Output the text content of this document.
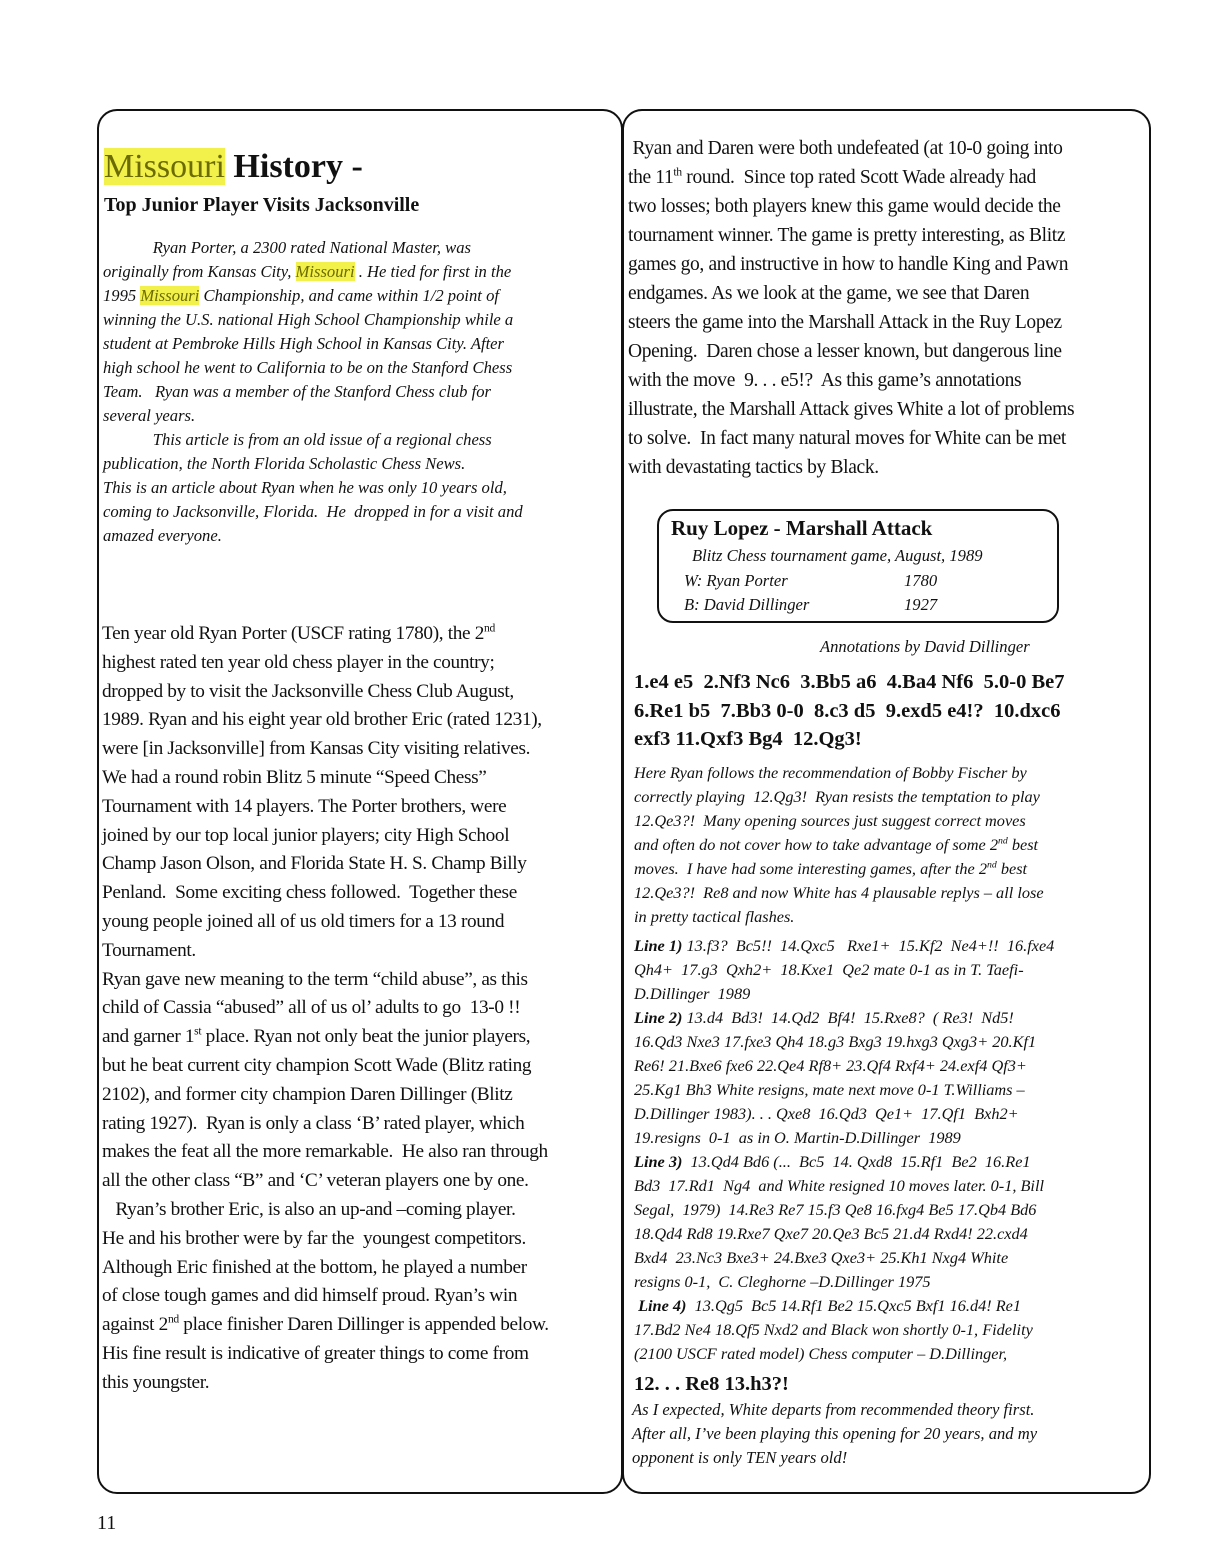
Missouri History -
Top Junior Player Visits Jacksonville
Ryan Porter, a 2300 rated National Master, was
originally from Kansas City, Missouri . He tied for first in the
1995 Missouri Championship, and came within 1/2 point of
winning the U.S. national High School Championship while a
student at Pembroke Hills High School in Kansas City. After
high school he went to California to be on the Stanford Chess
Team.   Ryan was a member of the Stanford Chess club for
several years.
This article is from an old issue of a regional chess
publication, the North Florida Scholastic Chess News.
This is an article about Ryan when he was only 10 years old,
coming to Jacksonville, Florida.  He  dropped in for a visit and
amazed everyone.
Ten year old Ryan Porter (USCF rating 1780), the 2nd
highest rated ten year old chess player in the country;
dropped by to visit the Jacksonville Chess Club August,
1989. Ryan and his eight year old brother Eric (rated 1231),
were [in Jacksonville] from Kansas City visiting relatives.
We had a round robin Blitz 5 minute “Speed Chess”
Tournament with 14 players. The Porter brothers, were
joined by our top local junior players; city High School
Champ Jason Olson, and Florida State H. S. Champ Billy
Penland.  Some exciting chess followed.  Together these
young people joined all of us old timers for a 13 round
Tournament.
Ryan gave new meaning to the term “child abuse”, as this
child of Cassia “abused” all of us ol’ adults to go  13-0 !!
and garner 1st place. Ryan not only beat the junior players,
but he beat current city champion Scott Wade (Blitz rating
2102), and former city champion Daren Dillinger (Blitz
rating 1927).  Ryan is only a class ‘B’ rated player, which
makes the feat all the more remarkable.  He also ran through
all the other class “B” and ‘C’ veteran players one by one.
Ryan’s brother Eric, is also an up-and –coming player.
He and his brother were by far the  youngest competitors.
Although Eric finished at the bottom, he played a number
of close tough games and did himself proud. Ryan’s win
against 2nd place finisher Daren Dillinger is appended below.
His fine result is indicative of greater things to come from
this youngster.
Ryan and Daren were both undefeated (at 10-0 going into
the 11th round.  Since top rated Scott Wade already had
two losses; both players knew this game would decide the
tournament winner. The game is pretty interesting, as Blitz
games go, and instructive in how to handle King and Pawn
endgames. As we look at the game, we see that Daren
steers the game into the Marshall Attack in the Ruy Lopez
Opening.  Daren chose a lesser known, but dangerous line
with the move  9. . . e5!?  As this game’s annotations
illustrate, the Marshall Attack gives White a lot of problems
to solve.  In fact many natural moves for White can be met
with devastating tactics by Black.
Ruy Lopez - Marshall Attack
Blitz Chess tournament game, August, 1989
W: Ryan Porter	1780
B: David Dillinger	1927
Annotations by David Dillinger
1.e4 e5  2.Nf3 Nc6  3.Bb5 a6  4.Ba4 Nf6  5.0-0 Be7
6.Re1 b5  7.Bb3 0-0  8.c3 d5  9.exd5 e4!?  10.dxc6
exf3 11.Qxf3 Bg4  12.Qg3!
Here Ryan follows the recommendation of Bobby Fischer by
correctly playing  12.Qg3!  Ryan resists the temptation to play
12.Qe3?!  Many opening sources just suggest correct moves
and often do not cover how to take advantage of some 2nd best
moves.  I have had some interesting games, after the 2nd best
12.Qe3?!  Re8 and now White has 4 plausable replys – all lose
in pretty tactical flashes.
Line 1) 13.f3?  Bc5!!  14.Qxc5   Rxe1+  15.Kf2  Ne4+!!  16.fxe4
Qh4+  17.g3  Qxh2+  18.Kxe1  Qe2 mate 0-1 as in T. Taefi-
D.Dillinger  1989
Line 2) 13.d4  Bd3!  14.Qd2  Bf4!  15.Rxe8?  ( Re3!  Nd5!
16.Qd3 Nxe3 17.fxe3 Qh4 18.g3 Bxg3 19.hxg3 Qxg3+ 20.Kf1
Re6! 21.Bxe6 fxe6 22.Qe4 Rf8+ 23.Qf4 Rxf4+ 24.exf4 Qf3+
25.Kg1 Bh3 White resigns, mate next move 0-1 T.Williams –
D.Dillinger 1983). . . Qxe8  16.Qd3  Qe1+  17.Qf1  Bxh2+
19.resigns  0-1  as in O. Martin-D.Dillinger  1989
Line 3)  13.Qd4 Bd6 (...  Bc5  14. Qxd8  15.Rf1  Be2  16.Re1
Bd3  17.Rd1  Ng4  and White resigned 10 moves later. 0-1, Bill
Segal,  1979)  14.Re3 Re7 15.f3 Qe8 16.fxg4 Be5 17.Qb4 Bd6
18.Qd4 Rd8 19.Rxe7 Qxe7 20.Qe3 Bc5 21.d4 Rxd4! 22.cxd4
Bxd4  23.Nc3 Bxe3+ 24.Bxe3 Qxe3+ 25.Kh1 Nxg4 White
resigns 0-1,  C. Cleghorne –D.Dillinger 1975
Line 4)  13.Qg5  Bc5 14.Rf1 Be2 15.Qxc5 Bxf1 16.d4! Re1
17.Bd2 Ne4 18.Qf5 Nxd2 and Black won shortly 0-1, Fidelity
(2100 USCF rated model) Chess computer – D.Dillinger,
12. . . Re8 13.h3?!
As I expected, White departs from recommended theory first.
After all, I’ve been playing this opening for 20 years, and my
opponent is only TEN years old!
11
